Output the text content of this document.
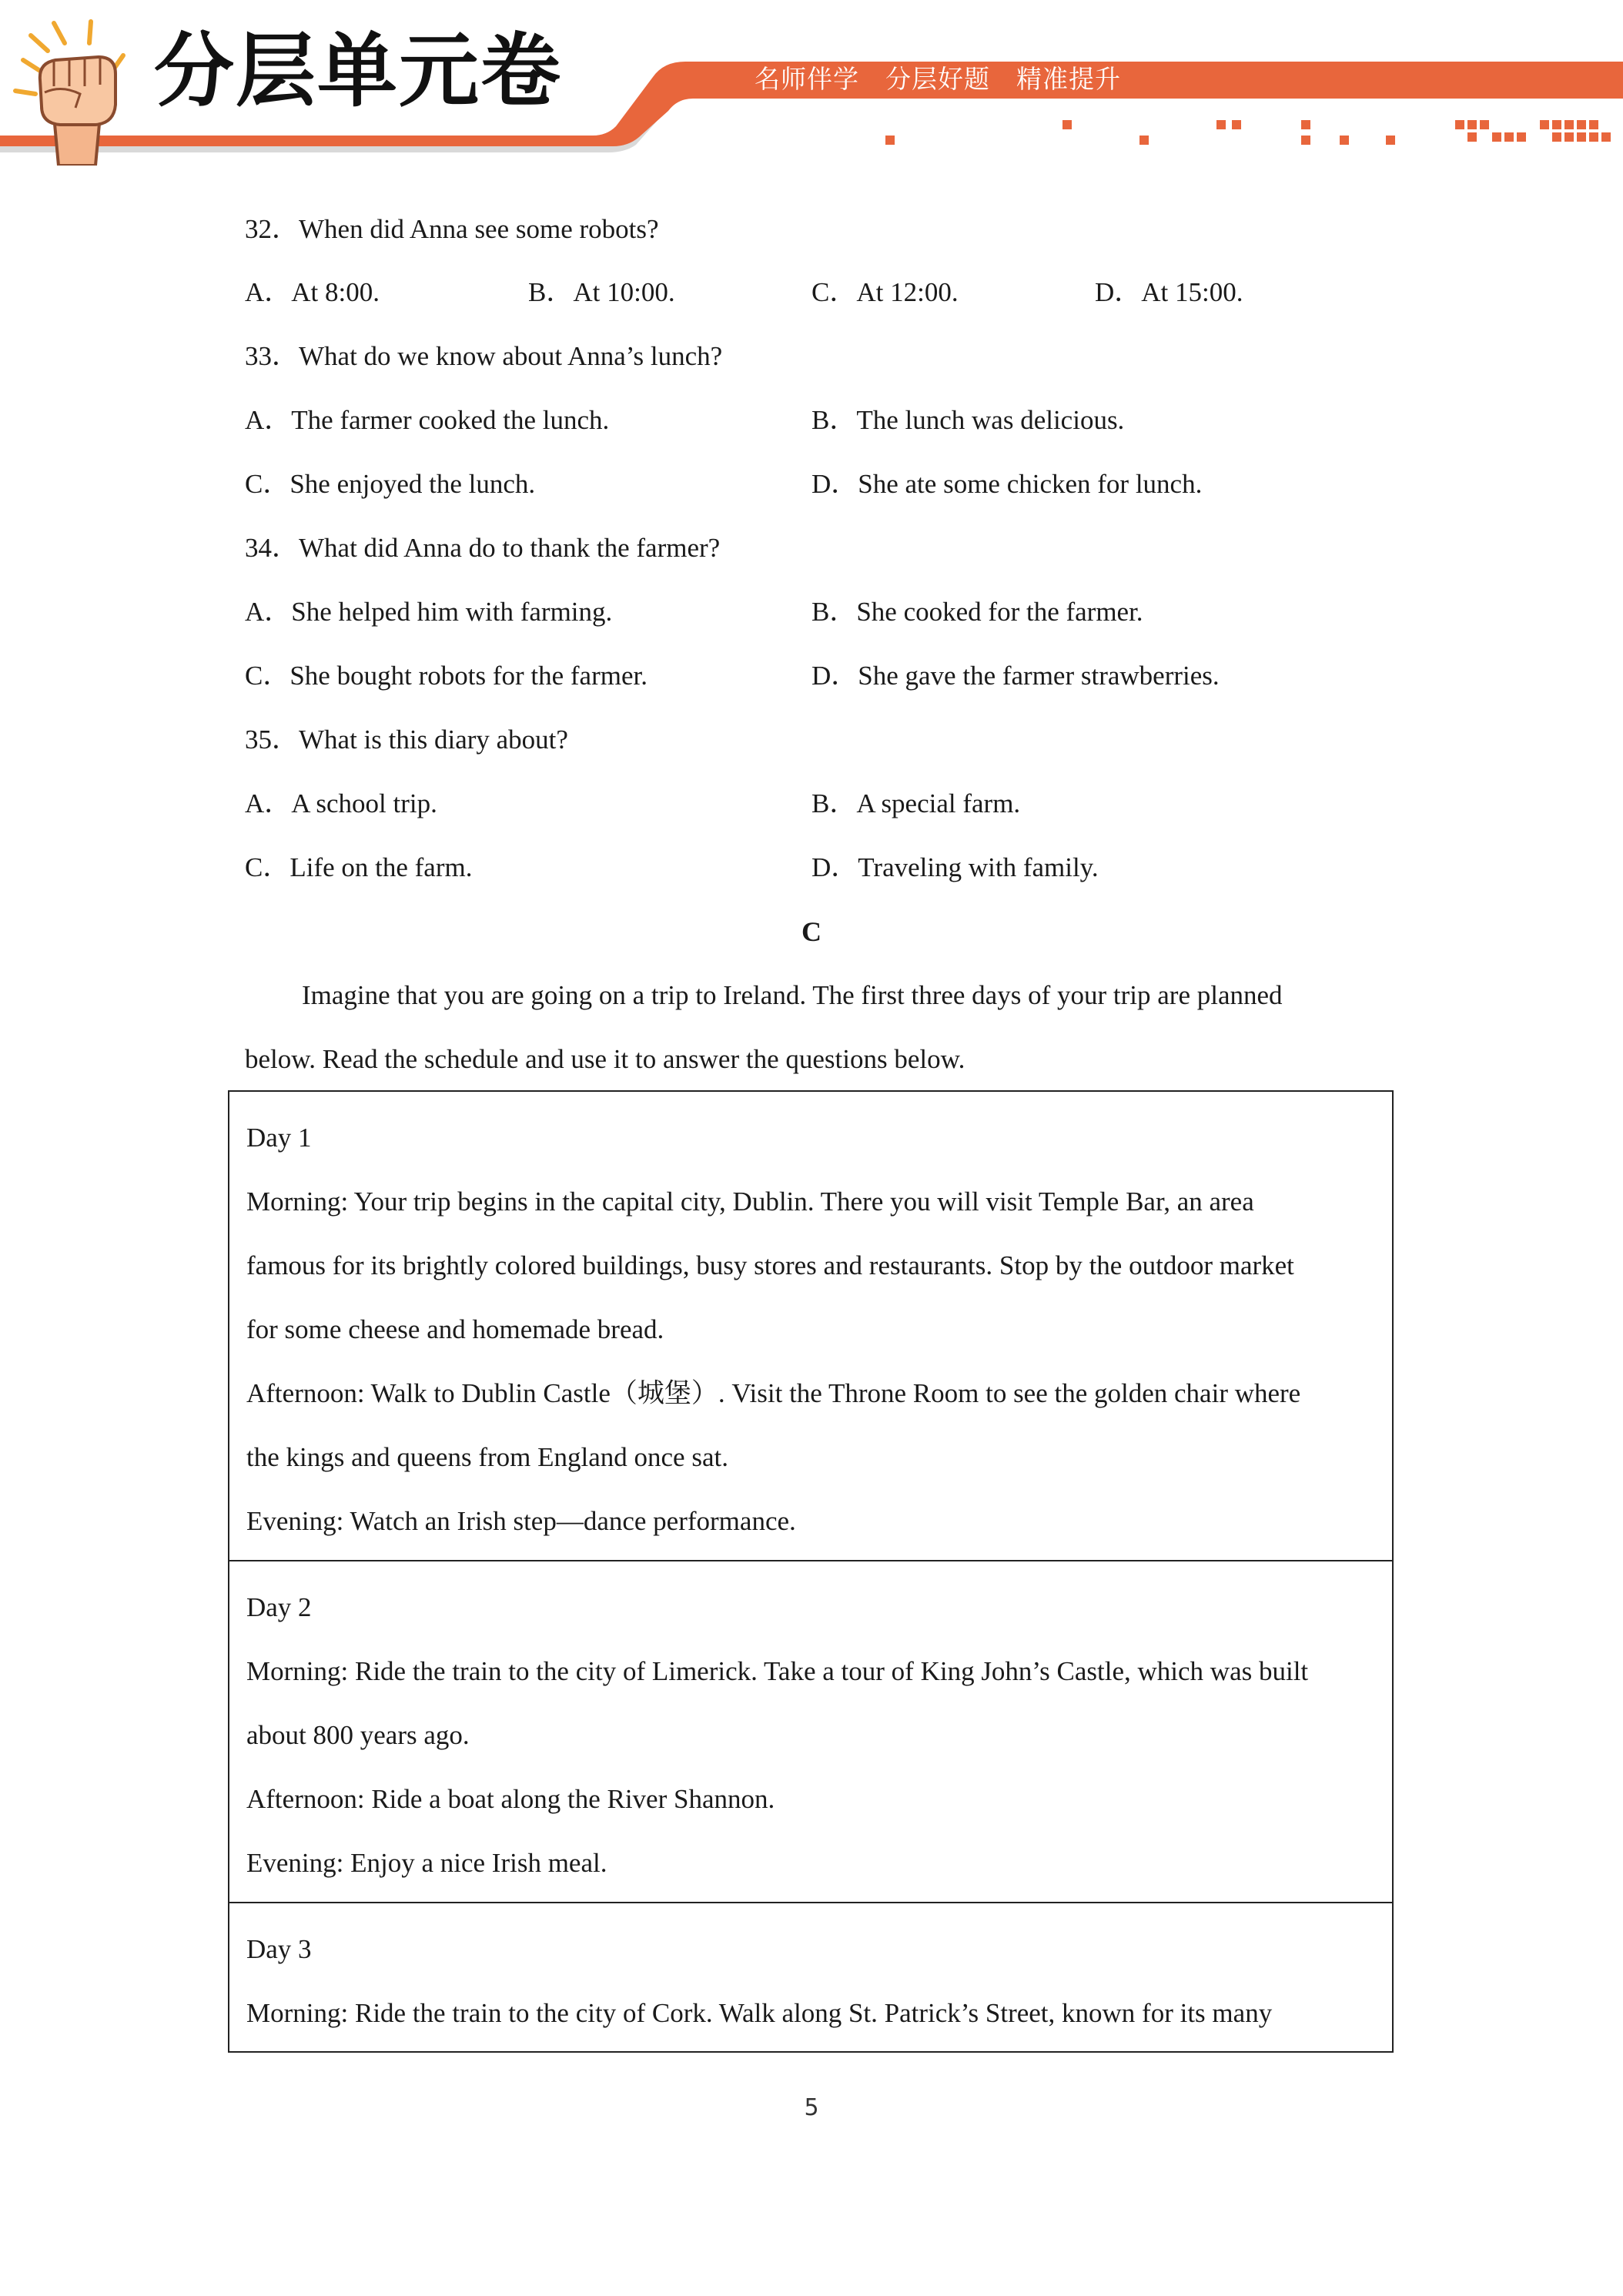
分层单元卷	名师伴学 分层好题 精准提升
32．When did Anna see some robots?
A．At 8:00.	B．At 10:00.	C．At 12:00.	D．At 15:00.
33．What do we know about Anna’s lunch?
A．The farmer cooked the lunch.	B．The lunch was delicious.
C．She enjoyed the lunch.	D．She ate some chicken for lunch.
34．What did Anna do to thank the farmer?
A．She helped him with farming.	B．She cooked for the farmer.
C．She bought robots for the farmer.	D．She gave the farmer strawberries.
35．What is this diary about?
A．A school trip.	B．A special farm.
C．Life on the farm.	D．Traveling with family.
C
Imagine that you are going on a trip to Ireland. The first three days of your trip are planned
below. Read the schedule and use it to answer the questions below.
Day 1
Morning: Your trip begins in the capital city, Dublin. There you will visit Temple Bar, an area
famous for its brightly colored buildings, busy stores and restaurants. Stop by the outdoor market
for some cheese and homemade bread.
Afternoon: Walk to Dublin Castle（城堡）. Visit the Throne Room to see the golden chair where
the kings and queens from England once sat.
Evening: Watch an Irish step—dance performance.
Day 2
Morning: Ride the train to the city of Limerick. Take a tour of King John’s Castle, which was built
about 800 years ago.
Afternoon: Ride a boat along the River Shannon.
Evening: Enjoy a nice Irish meal.
Day 3
Morning: Ride the train to the city of Cork. Walk along St. Patrick’s Street, known for its many
5
